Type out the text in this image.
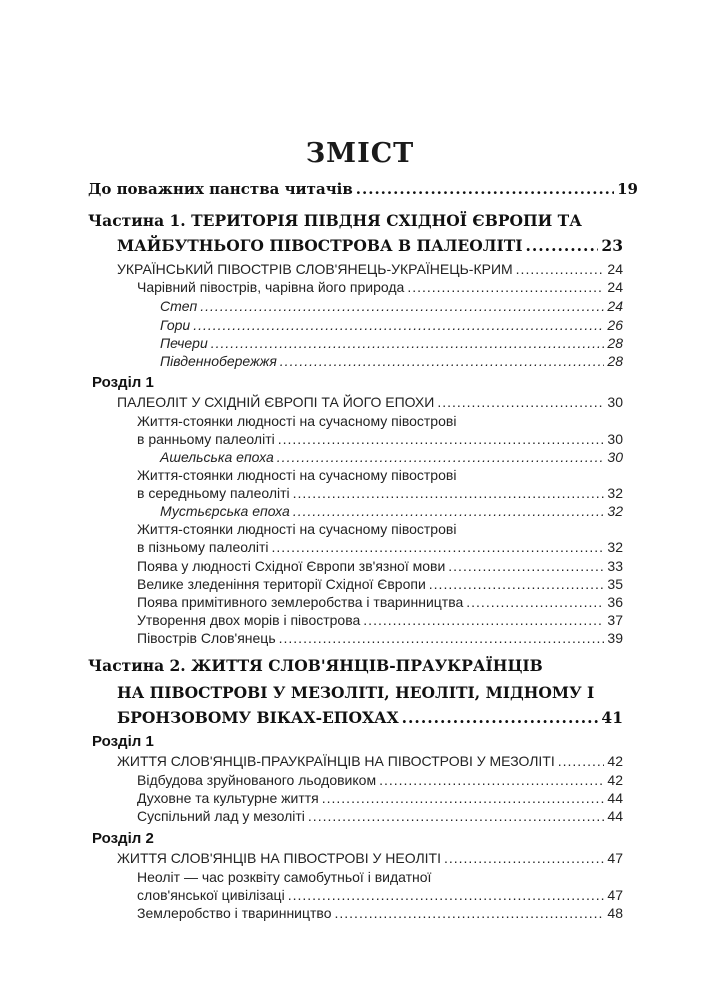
ЗМІСТ
До поважних панства читачів .....	19
Частина 1. ТЕРИТОРІЯ ПІВДНЯ СХІДНОЇ ЄВРОПИ ТА
МАЙБУТНЬОГО ПІВОСТРОВА В ПАЛЕОЛІТІ .....	23
УКРАЇНСЬКИЙ ПІВОСТРІВ СЛОВ'ЯНЕЦЬ-УКРАЇНЕЦЬ-КРИМ .....	24
Чарівний півострів, чарівна його природа .....	24
Степ .....	24
Гори .....	26
Печери .....	28
Південнобережжя .....	28
Розділ 1
ПАЛЕОЛІТ У СХІДНІЙ ЄВРОПІ ТА ЙОГО ЕПОХИ .....	30
Життя-стоянки людності на сучасному півострові
в ранньому палеоліті .....	30
Ашельська епоха .....	30
Життя-стоянки людності на сучасному півострові
в середньому палеоліті .....	32
Мустьєрська епоха .....	32
Життя-стоянки людності на сучасному півострові
в пізньому палеоліті .....	32
Поява у людності Східної Європи зв'язної мови .....	33
Велике зледеніння території Східної Європи .....	35
Поява примітивного землеробства і тваринництва .....	36
Утворення двох морів і півострова .....	37
Півострів Слов'янець .....	39
Частина 2. ЖИТТЯ СЛОВ'ЯНЦІВ-ПРАУКРАЇНЦІВ
НА ПІВОСТРОВІ У МЕЗОЛІТІ, НЕОЛІТІ, МІДНОМУ І
БРОНЗОВОМУ ВІКАХ-ЕПОХАХ .....	41
Розділ 1
ЖИТТЯ СЛОВ'ЯНЦІВ-ПРАУКРАЇНЦІВ НА ПІВОСТРОВІ У МЕЗОЛІТІ .....	42
Відбудова зруйнованого льодовиком .....	42
Духовне та культурне життя .....	44
Суспільний лад у мезоліті .....	44
Розділ 2
ЖИТТЯ СЛОВ'ЯНЦІВ НА ПІВОСТРОВІ У НЕОЛІТІ .....	47
Неоліт — час розквіту самобутньої і видатної
слов'янської цивілізаці .....	47
Землеробство і тваринництво .....	48
